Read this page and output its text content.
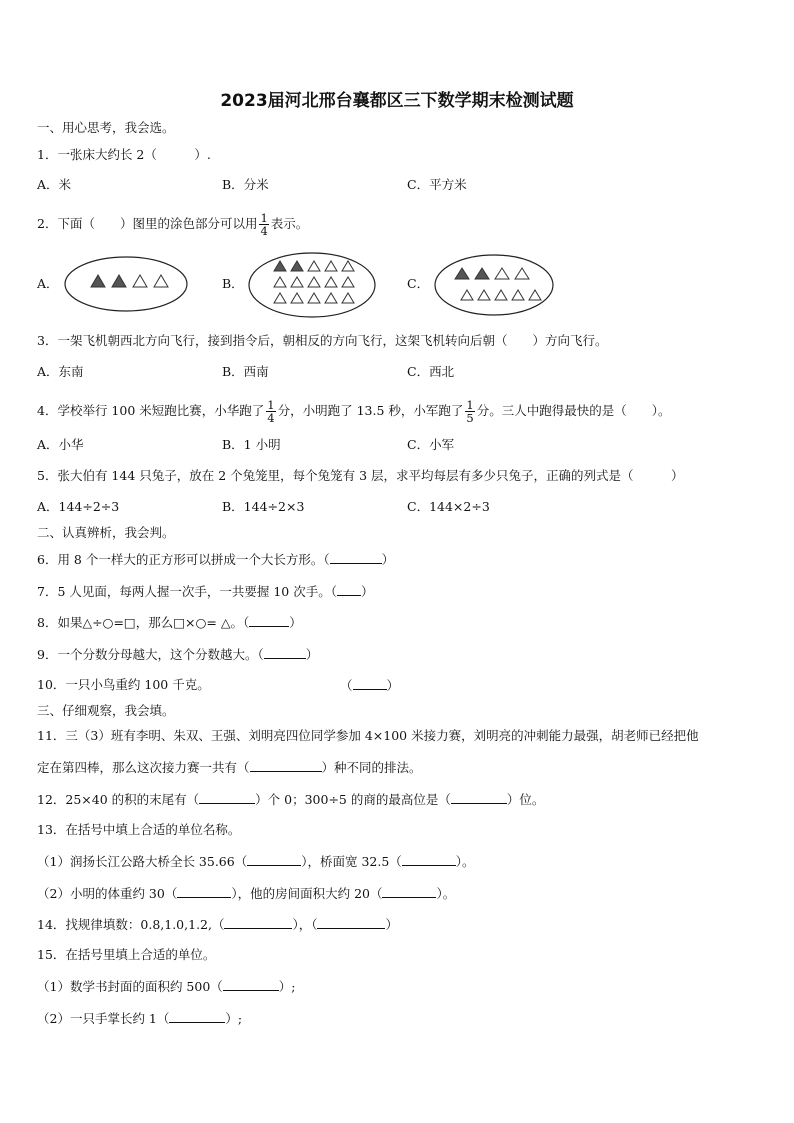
2023届河北邢台襄都区三下数学期末检测试题
一、用心思考，我会选。
1．一张床大约长 2（　　　）.
A．米	B．分米	C．平方米
2．下面（　　）图里的涂色部分可以用 $\frac{1}{4}$ 表示。
A．	B．	C．
3．一架飞机朝西北方向飞行，接到指令后，朝相反的方向飞行，这架飞机转向后朝（　　）方向飞行。
A．东南	B．西南	C．西北
4．学校举行 100 米短跑比赛，小华跑了 $\frac{1}{4}$ 分，小明跑了 13.5 秒，小军跑了 $\frac{1}{5}$ 分。三人中跑得最快的是（　　）。
A．小华	B．1 小明	C．小军
5．张大伯有 144 只兔子，放在 2 个兔笼里，每个兔笼有 3 层，求平均每层有多少只兔子，正确的列式是（　　　）
A．144÷2÷3	B．144÷2×3	C．144×2÷3
二、认真辨析，我会判。
6．用 8 个一样大的正方形可以拼成一个大长方形。（	）
7．5 人见面，每两人握一次手，一共要握 10 次手。（ ）
8．如果△÷○=□，那么□×○= △。（	）
9．一个分数分母越大，这个分数越大。（	）
10．一只小鸟重约 100 千克。	（	）
三、仔细观察，我会填。
11．三（3）班有李明、朱双、王强、刘明亮四位同学参加 4×100 米接力赛，刘明亮的冲刺能力最强，胡老师已经把他
定在第四棒，那么这次接力赛一共有（	）种不同的排法。
12．25×40 的积的末尾有（	）个 0；300÷5 的商的最高位是（	）位。
13．在括号中填上合适的单位名称。
（1）润扬长江公路大桥全长 35.66（	），桥面宽 32.5（	）。
（2）小明的体重约 30（	），他的房间面积大约 20（	）。
14．找规律填数：0.8,1.0,1.2,（	），（	）
15．在括号里填上合适的单位。
（1）数学书封面的面积约 500（	）;
（2）一只手掌长约 1（	）;
